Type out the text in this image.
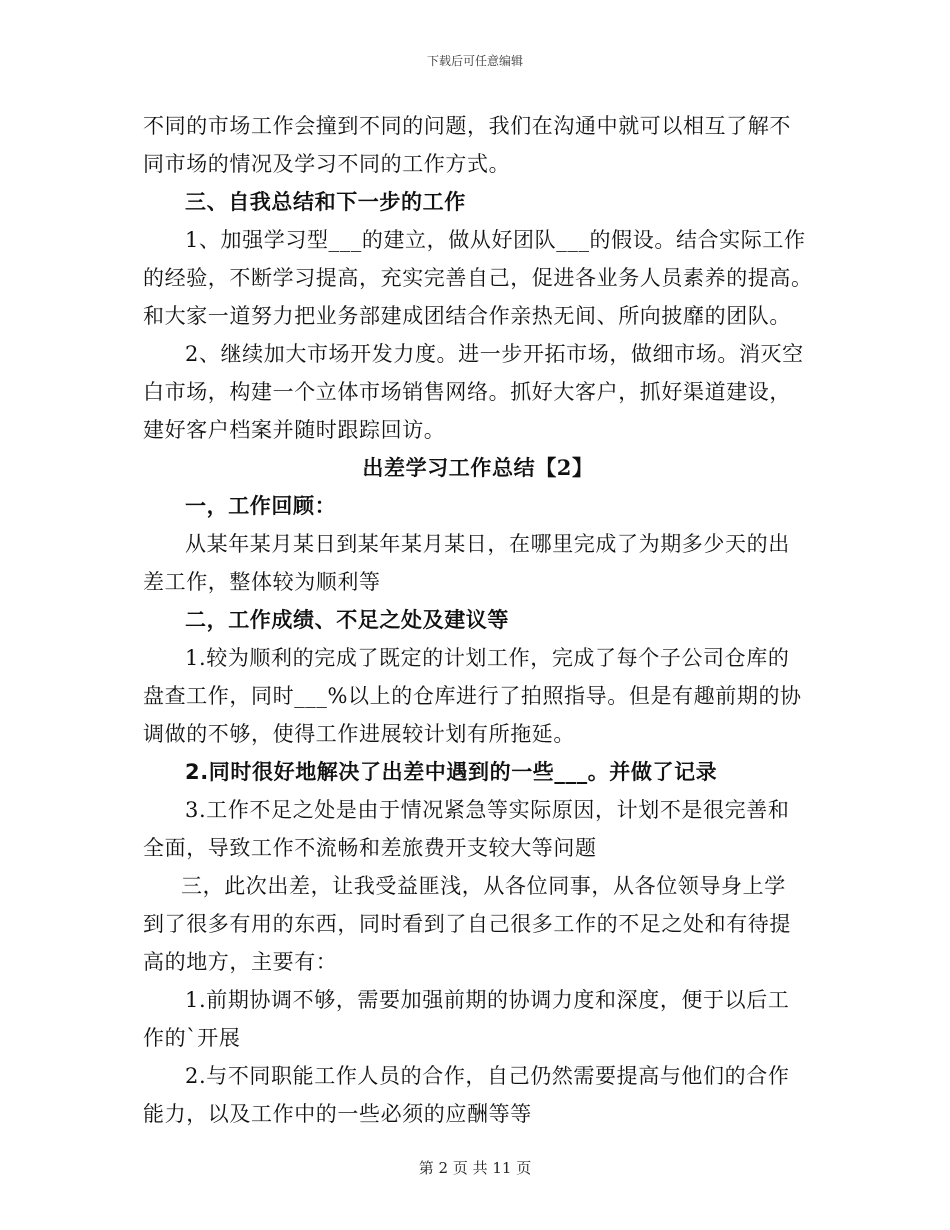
下载后可任意编辑
不同的市场工作会撞到不同的问题，我们在沟通中就可以相互了解不
同市场的情况及学习不同的工作方式。
三、自我总结和下一步的工作
1、加强学习型___的建立，做从好团队___的假设。结合实际工作
的经验，不断学习提高，充实完善自己，促进各业务人员素养的提高。
和大家一道努力把业务部建成团结合作亲热无间、所向披靡的团队。
2、继续加大市场开发力度。进一步开拓市场，做细市场。消灭空
白市场，构建一个立体市场销售网络。抓好大客户，抓好渠道建设，
建好客户档案并随时跟踪回访。
出差学习工作总结【2】
一，工作回顾：
从某年某月某日到某年某月某日，在哪里完成了为期多少天的出
差工作，整体较为顺利等
二，工作成绩、不足之处及建议等
1.较为顺利的完成了既定的计划工作，完成了每个子公司仓库的
盘查工作，同时___%以上的仓库进行了拍照指导。但是有趣前期的协
调做的不够，使得工作进展较计划有所拖延。
2.同时很好地解决了出差中遇到的一些___。并做了记录
3.工作不足之处是由于情况紧急等实际原因，计划不是很完善和
全面，导致工作不流畅和差旅费开支较大等问题
三，此次出差，让我受益匪浅，从各位同事，从各位领导身上学
到了很多有用的东西，同时看到了自己很多工作的不足之处和有待提
高的地方，主要有：
1.前期协调不够，需要加强前期的协调力度和深度，便于以后工
作的`开展
2.与不同职能工作人员的合作，自己仍然需要提高与他们的合作
能力，以及工作中的一些必须的应酬等等
第 2 页 共 11 页
